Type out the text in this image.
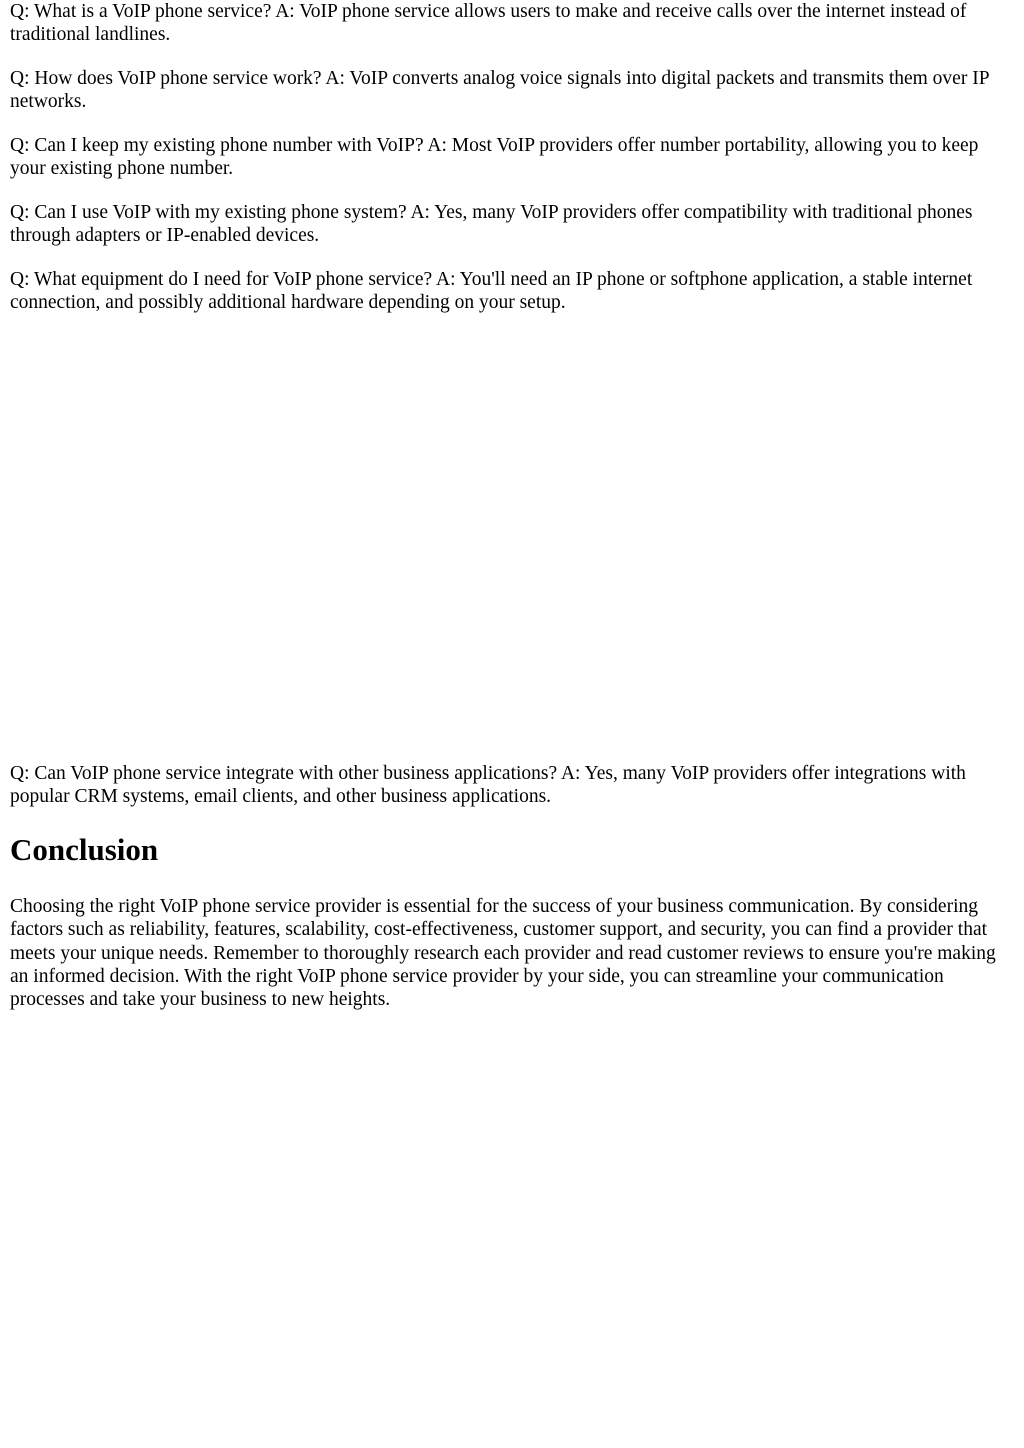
Q: What is a VoIP phone service? A: VoIP phone service allows users to make and receive calls over the internet instead of traditional landlines.

Q: How does VoIP phone service work? A: VoIP converts analog voice signals into digital packets and transmits them over IP networks.

Q: Can I keep my existing phone number with VoIP? A: Most VoIP providers offer number portability, allowing you to keep your existing phone number.

Q: Can I use VoIP with my existing phone system? A: Yes, many VoIP providers offer compatibility with traditional phones through adapters or IP-enabled devices.

Q: What equipment do I need for VoIP phone service? A: You'll need an IP phone or softphone application, a stable internet connection, and possibly additional hardware depending on your setup.

Q: Can VoIP phone service integrate with other business applications? A: Yes, many VoIP providers offer integrations with popular CRM systems, email clients, and other business applications.

Conclusion

Choosing the right VoIP phone service provider is essential for the success of your business communication. By considering factors such as reliability, features, scalability, cost-effectiveness, customer support, and security, you can find a provider that meets your unique needs. Remember to thoroughly research each provider and read customer reviews to ensure you're making an informed decision. With the right VoIP phone service provider by your side, you can streamline your communication processes and take your business to new heights.
